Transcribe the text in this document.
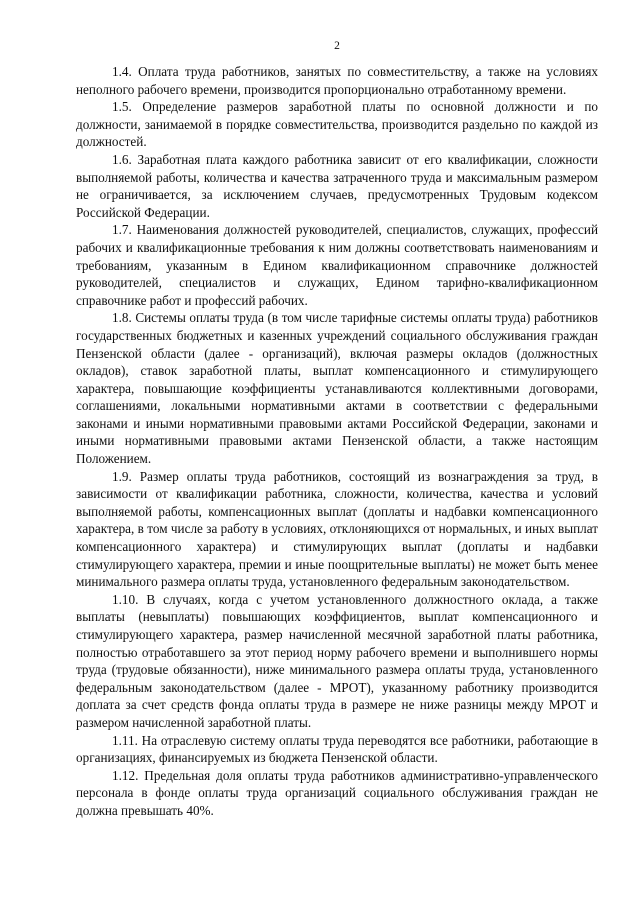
2

1.4. Оплата труда работников, занятых по совместительству, а также на условиях неполного рабочего времени, производится пропорционально отработанному времени.

1.5. Определение размеров заработной платы по основной должности и по должности, занимаемой в порядке совместительства, производится раздельно по каждой из должностей.

1.6. Заработная плата каждого работника зависит от его квалификации, сложности выполняемой работы, количества и качества затраченного труда и максимальным размером не ограничивается, за исключением случаев, предусмотренных Трудовым кодексом Российской Федерации.

1.7. Наименования должностей руководителей, специалистов, служащих, профессий рабочих и квалификационные требования к ним должны соответствовать наименованиям и требованиям, указанным в Едином квалификационном справочнике должностей руководителей, специалистов и служащих, Едином тарифно-квалификационном справочнике работ и профессий рабочих.

1.8. Системы оплаты труда (в том числе тарифные системы оплаты труда) работников государственных бюджетных и казенных учреждений социального обслуживания граждан Пензенской области (далее - организаций), включая размеры окладов (должностных окладов), ставок заработной платы, выплат компенсационного и стимулирующего характера, повышающие коэффициенты устанавливаются коллективными договорами, соглашениями, локальными нормативными актами в соответствии с федеральными законами и иными нормативными правовыми актами Российской Федерации, законами и иными нормативными правовыми актами Пензенской области, а также настоящим Положением.

1.9. Размер оплаты труда работников, состоящий из вознаграждения за труд, в зависимости от квалификации работника, сложности, количества, качества и условий выполняемой работы, компенсационных выплат (доплаты и надбавки компенсационного характера, в том числе за работу в условиях, отклоняющихся от нормальных, и иных выплат компенсационного характера) и стимулирующих выплат (доплаты и надбавки стимулирующего характера, премии и иные поощрительные выплаты) не может быть менее минимального размера оплаты труда, установленного федеральным законодательством.

1.10. В случаях, когда с учетом установленного должностного оклада, а также выплаты (невыплаты) повышающих коэффициентов, выплат компенсационного и стимулирующего характера, размер начисленной месячной заработной платы работника, полностью отработавшего за этот период норму рабочего времени и выполнившего нормы труда (трудовые обязанности), ниже минимального размера оплаты труда, установленного федеральным законодательством (далее - МРОТ), указанному работнику производится доплата за счет средств фонда оплаты труда в размере не ниже разницы между МРОТ и размером начисленной заработной платы.

1.11. На отраслевую систему оплаты труда переводятся все работники, работающие в организациях, финансируемых из бюджета Пензенской области.

1.12. Предельная доля оплаты труда работников административно-управленческого персонала в фонде оплаты труда организаций социального обслуживания граждан не должна превышать 40%.
